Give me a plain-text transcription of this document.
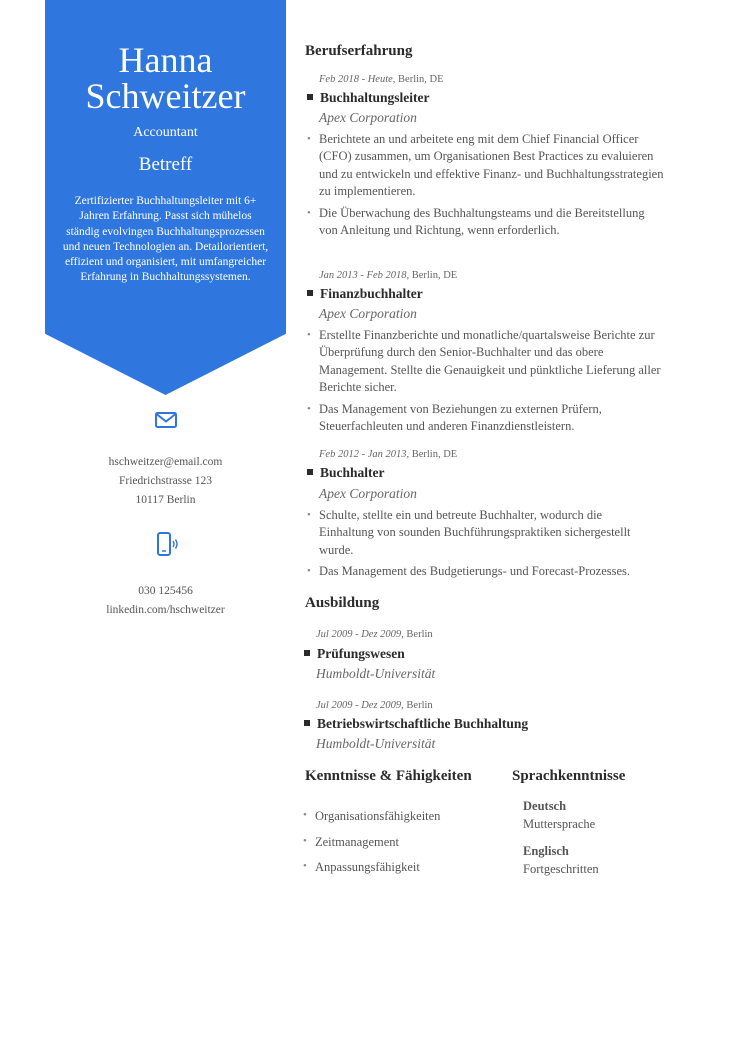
Hanna
Schweitzer
Accountant
Betreff
Zertifizierter Buchhaltungsleiter mit 6+ Jahren Erfahrung. Passt sich mühelos ständig evolvingen Buchhaltungsprozessen und neuen Technologien an. Detailorientiert, effizient und organisiert, mit umfangreicher Erfahrung in Buchhaltungssystemen.
hschweitzer@email.com
Friedrichstrasse 123
10117 Berlin
030 125456
linkedin.com/hschweitzer
Berufserfahrung
Feb 2018 - Heute, Berlin, DE
Buchhaltungsleiter
Apex Corporation
• Berichtete an und arbeitete eng mit dem Chief Financial Officer (CFO) zusammen, um Organisationen Best Practices zu evaluieren und zu entwickeln und effektive Finanz- und Buchhaltungsstrategien zu implementieren.
• Die Überwachung des Buchhaltungsteams und die Bereitstellung von Anleitung und Richtung, wenn erforderlich.
Jan 2013 - Feb 2018, Berlin, DE
Finanzbuchhalter
Apex Corporation
• Erstellte Finanzberichte und monatliche/quartalsweise Berichte zur Überprüfung durch den Senior-Buchhalter und das obere Management. Stellte die Genauigkeit und pünktliche Lieferung aller Berichte sicher.
• Das Management von Beziehungen zu externen Prüfern, Steuerfachleuten und anderen Finanzdienstleistern.
Feb 2012 - Jan 2013, Berlin, DE
Buchhalter
Apex Corporation
• Schulte, stellte ein und betreute Buchhalter, wodurch die Einhaltung von sounden Buchführungspraktiken sichergestellt wurde.
• Das Management des Budgetierungs- und Forecast-Prozesses.
Ausbildung
Jul 2009 - Dez 2009, Berlin
Prüfungswesen
Humboldt-Universität
Jul 2009 - Dez 2009, Berlin
Betriebswirtschaftliche Buchhaltung
Humboldt-Universität
Kenntnisse & Fähigkeiten
• Organisationsfähigkeiten
• Zeitmanagement
• Anpassungsfähigkeit
Sprachkenntnisse
Deutsch
Muttersprache
Englisch
Fortgeschritten
